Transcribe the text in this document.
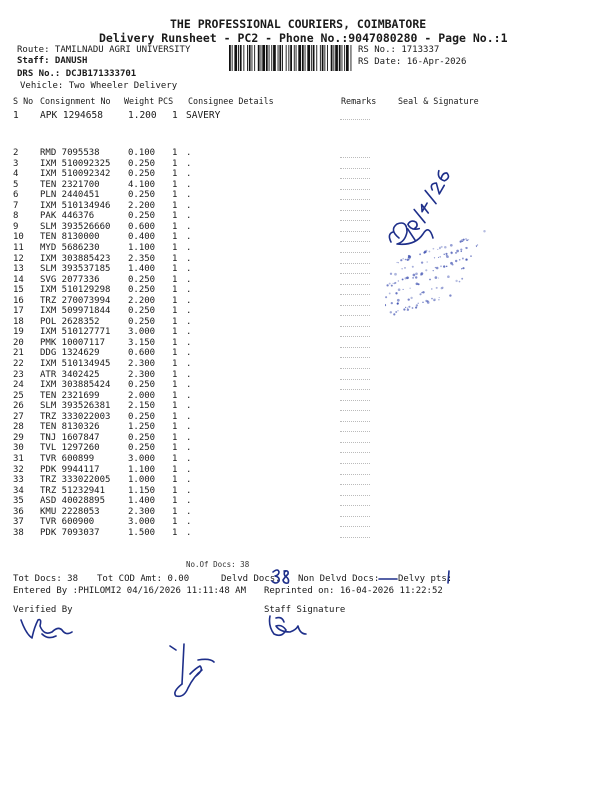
THE PROFESSIONAL COURIERS, COIMBATORE
Delivery Runsheet - PC2 - Phone No.:9047080280 - Page No.:1
Route: TAMILNADU AGRI UNIVERSITY
Staff: DANUSH
DRS No.: DCJB171333701
Vehicle: Two Wheeler Delivery
RS No.: 1713337
RS Date: 16-Apr-2026
S No Consignment No Weight PCS Consignee Details	Remarks	Seal & Signature
1 APK 1294658	1.200 1 SAVERY
2 RMD 7095538	0.100 1 .
3 IXM 510092325 0.250 1 .
4 IXM 510092342 0.250 1 .
5 TEN 2321700	4.100 1 .
6 PLN 2440451	0.250 1 .
7 IXM 510134946 2.200 1 .
8 PAK 446376	0.250 1 .
9 SLM 393526660 0.600 1 .
10 TEN 8130000	0.400 1 .
11 MYD 5686230	1.100 1 .
12 IXM 303885423 2.350 1 .
13 SLM 393537185 1.400 1 .
14 SVG 2077336	0.250 1 .
15 IXM 510129298 0.250 1 .
16 TRZ 270073994 2.200 1 .
17 IXM 509971844 0.250 1 .
18 POL 2628352	0.250 1 .
19 IXM 510127771 3.000 1 .
20 PMK 10007117	3.150 1 .
21 DDG 1324629	0.600 1 .
22 IXM 510134945 2.300 1 .
23 ATR 3402425	2.300 1 .
24 IXM 303885424 0.250 1 .
25 TEN 2321699	2.000 1 .
26 SLM 393526381 2.150 1 .
27 TRZ 333022003 0.250 1 .
28 TEN 8130326	1.250 1 .
29 TNJ 1607847	0.250 1 .
30 TVL 1297260	0.250 1 .
31 TVR 600899	3.000 1 .
32 PDK 9944117	1.100 1 .
33 TRZ 333022005 1.000 1 .
34 TRZ 51232941	1.150 1 .
35 ASD 40028895	1.400 1 .
36 KMU 2228053	2.300 1 .
37 TVR 600900	3.000 1 .
38 PDK 7093037	1.500 1 .
No.Of Docs: 38
Tot Docs: 38 Tot COD Amt: 0.00	Delvd Docs: Non Delvd Docs: Delvy pts:
Entered By :PHILOMI2 04/16/2026 11:11:48 AM Reprinted on: 16-04-2026 11:22:52
Verified By	Staff Signature
